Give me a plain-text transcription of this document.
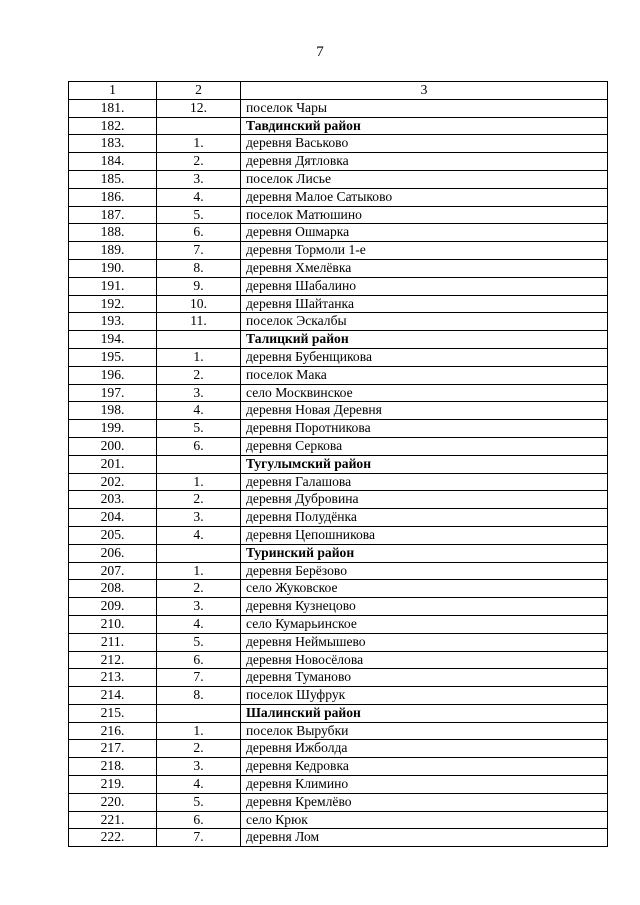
7
1	2	3
181.	12.	поселок Чары
182.		Тавдинский район
183.	1.	деревня Васьково
184.	2.	деревня Дятловка
185.	3.	поселок Лисье
186.	4.	деревня Малое Сатыково
187.	5.	поселок Матюшино
188.	6.	деревня Ошмарка
189.	7.	деревня Тормоли 1-е
190.	8.	деревня Хмелёвка
191.	9.	деревня Шабалино
192.	10.	деревня Шайтанка
193.	11.	поселок Эскалбы
194.		Талицкий район
195.	1.	деревня Бубенщикова
196.	2.	поселок Мака
197.	3.	село Москвинское
198.	4.	деревня Новая Деревня
199.	5.	деревня Поротникова
200.	6.	деревня Серкова
201.		Тугулымский район
202.	1.	деревня Галашова
203.	2.	деревня Дубровина
204.	3.	деревня Полудёнка
205.	4.	деревня Цепошникова
206.		Туринский район
207.	1.	деревня Берёзово
208.	2.	село Жуковское
209.	3.	деревня Кузнецово
210.	4.	село Кумарьинское
211.	5.	деревня Неймышево
212.	6.	деревня Новосёлова
213.	7.	деревня Туманово
214.	8.	поселок Шуфрук
215.		Шалинский район
216.	1.	поселок Вырубки
217.	2.	деревня Ижболда
218.	3.	деревня Кедровка
219.	4.	деревня Климино
220.	5.	деревня Кремлёво
221.	6.	село Крюк
222.	7.	деревня Лом
